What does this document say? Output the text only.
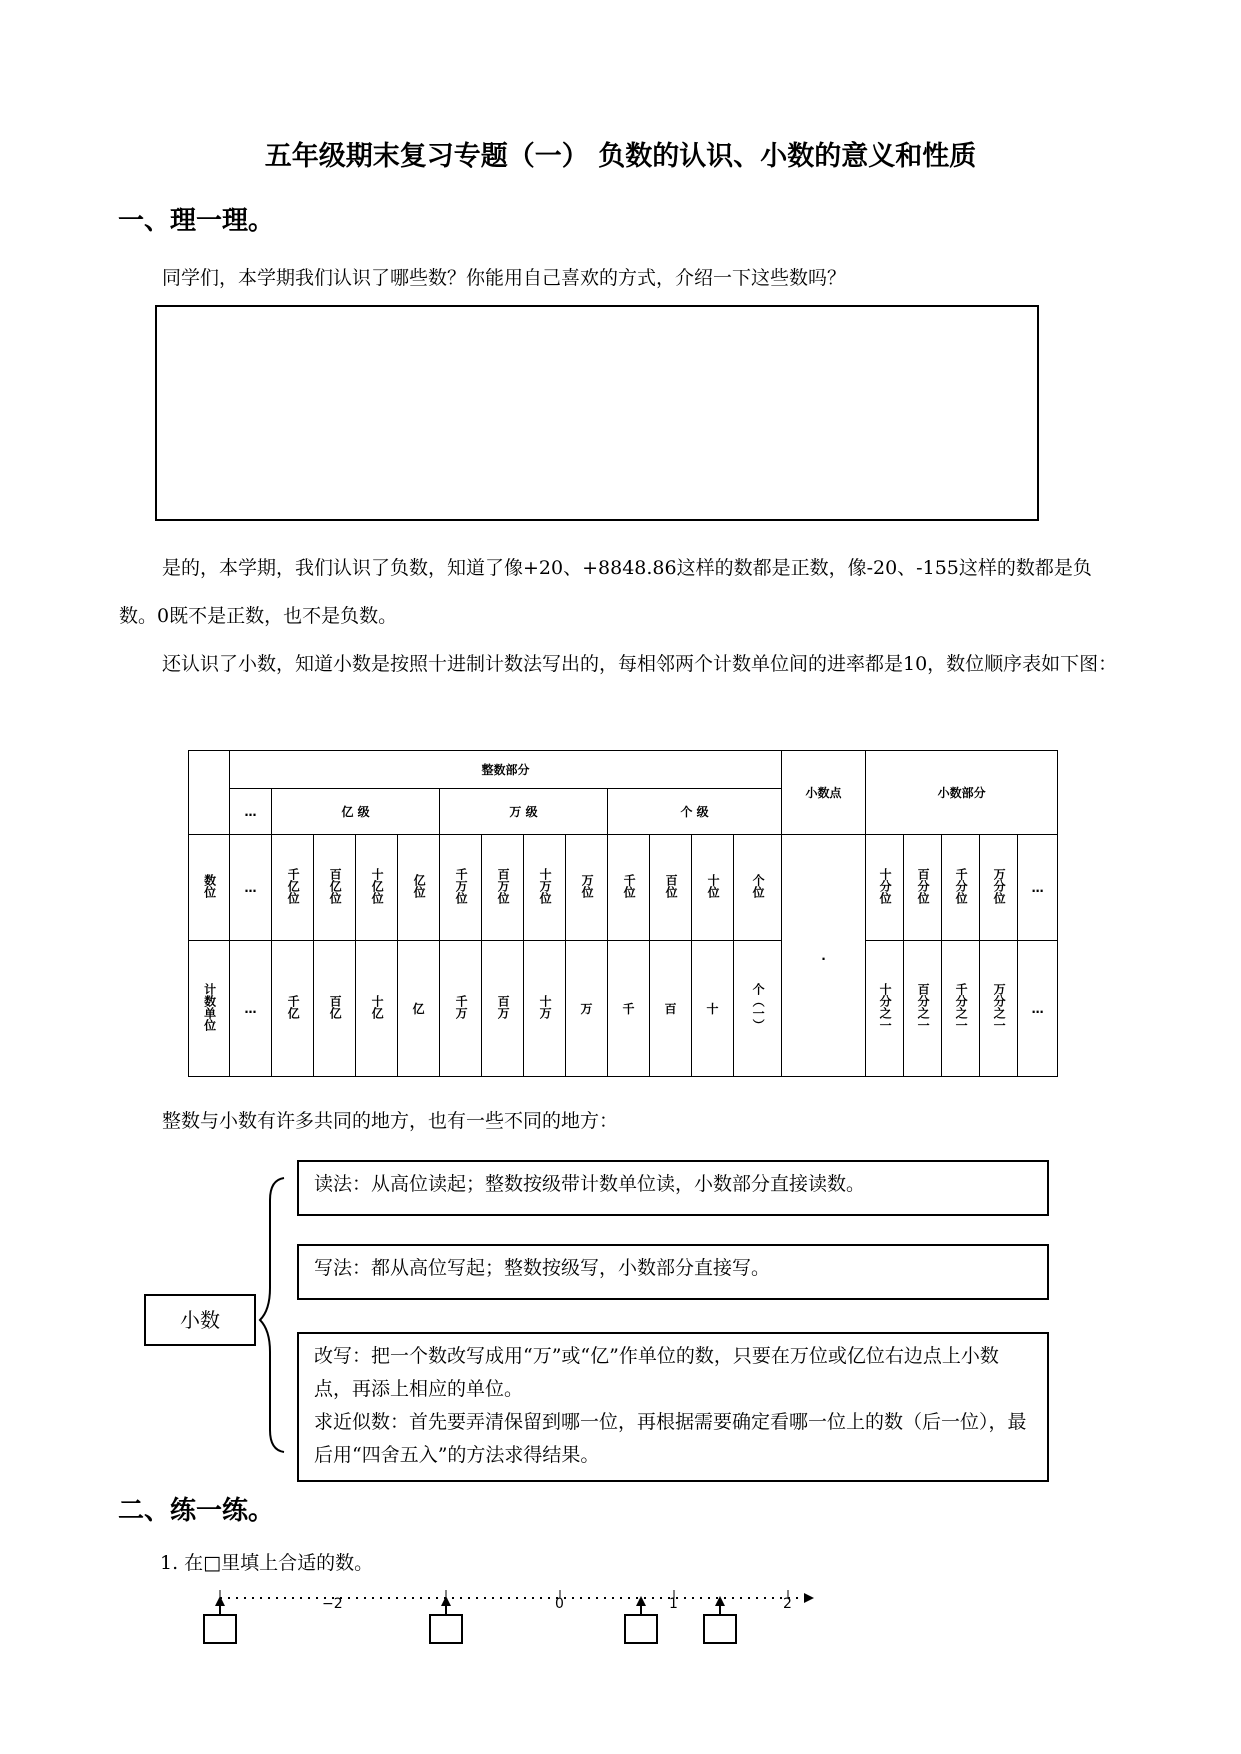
五年级期末复习专题（一） 负数的认识、小数的意义和性质
一、理一理。

同学们，本学期我们认识了哪些数？你能用自己喜欢的方式，介绍一下这些数吗？

是的，本学期，我们认识了负数，知道了像+20、+8848.86这样的数都是正数，像-20、-155这样的数都是负数。0既不是正数，也不是负数。

还认识了小数，知道小数是按照十进制计数法写出的，每相邻两个计数单位间的进率都是10，数位顺序表如下图：

	整数部分													小数点	小数部分				
	…	亿 级				万 级				个 级									
数位	…	千亿位	百亿位	十亿位	亿位	千万位	百万位	十万位	万位	千位	百位	十位	个位	.	十分位	百分位	千分位	万分位	…
计数单位	…	千亿	百亿	十亿	亿	千万	百万	十万	万	千	百	十	个（一）		十分之一	百分之一	千分之一	万分之一	…

整数与小数有许多共同的地方，也有一些不同的地方：

小数
读法：从高位读起；整数按级带计数单位读，小数部分直接读数。
写法：都从高位写起；整数按级写，小数部分直接写。
改写：把一个数改写成用“万”或“亿”作单位的数，只要在万位或亿位右边点上小数点，再添上相应的单位。
求近似数：首先要弄清保留到哪一位，再根据需要确定看哪一位上的数（后一位），最后用“四舍五入”的方法求得结果。
二、练一练。
1. 在□里填上合适的数。
−2	0	1	2
